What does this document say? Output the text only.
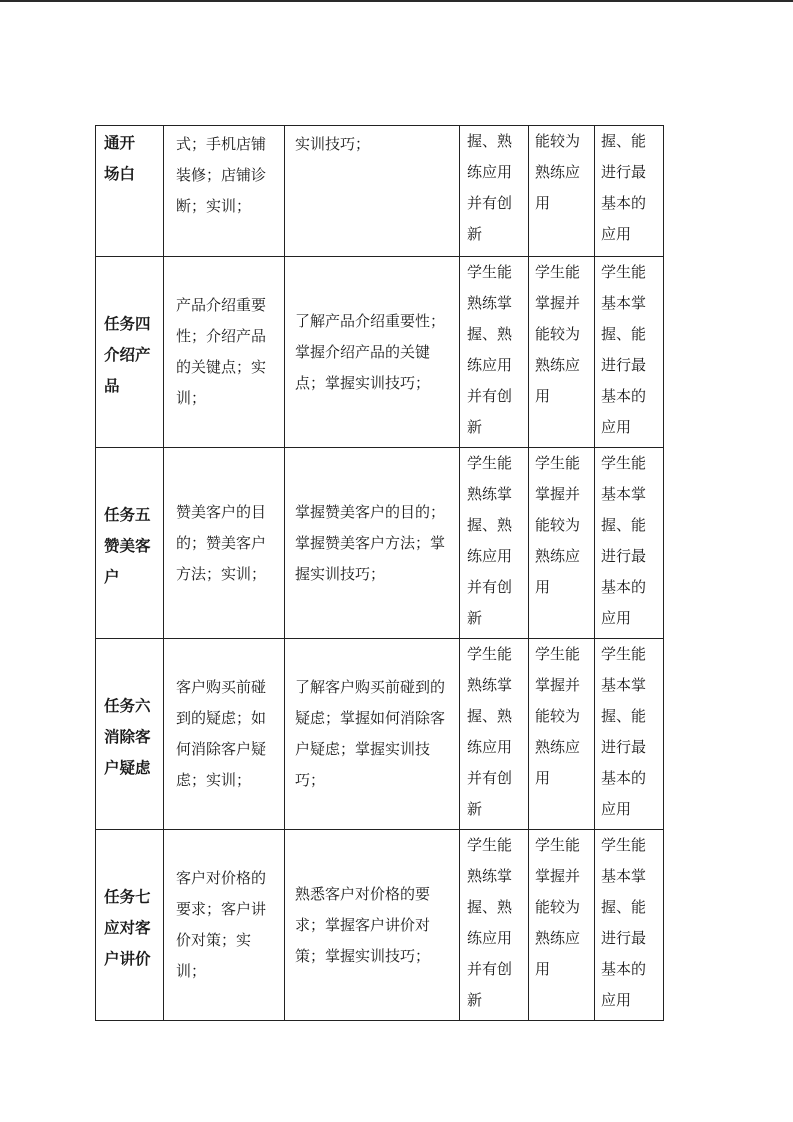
通开场白	式；手机店铺装修；店铺诊断；实训；	实训技巧；	握、熟练应用并有创新	能较为熟练应用	握、能进行最基本的应用

任务四介绍产品	产品介绍重要性；介绍产品的关键点；实训；	了解产品介绍重要性；掌握介绍产品的关键点；掌握实训技巧；	学生能熟练掌握、熟练应用并有创新	学生能掌握并能较为熟练应用	学生能基本掌握、能进行最基本的应用

任务五赞美客户	赞美客户的目的；赞美客户方法；实训；	掌握赞美客户的目的；掌握赞美客户方法；掌握实训技巧；	学生能熟练掌握、熟练应用并有创新	学生能掌握并能较为熟练应用	学生能基本掌握、能进行最基本的应用

任务六消除客户疑虑	客户购买前碰到的疑虑；如何消除客户疑虑；实训；	了解客户购买前碰到的疑虑；掌握如何消除客户疑虑；掌握实训技巧；	学生能熟练掌握、熟练应用并有创新	学生能掌握并能较为熟练应用	学生能基本掌握、能进行最基本的应用

任务七应对客户讲价	客户对价格的要求；客户讲价对策；实训；	熟悉客户对价格的要求；掌握客户讲价对策；掌握实训技巧；	学生能熟练掌握、熟练应用并有创新	学生能掌握并能较为熟练应用	学生能基本掌握、能进行最基本的应用
